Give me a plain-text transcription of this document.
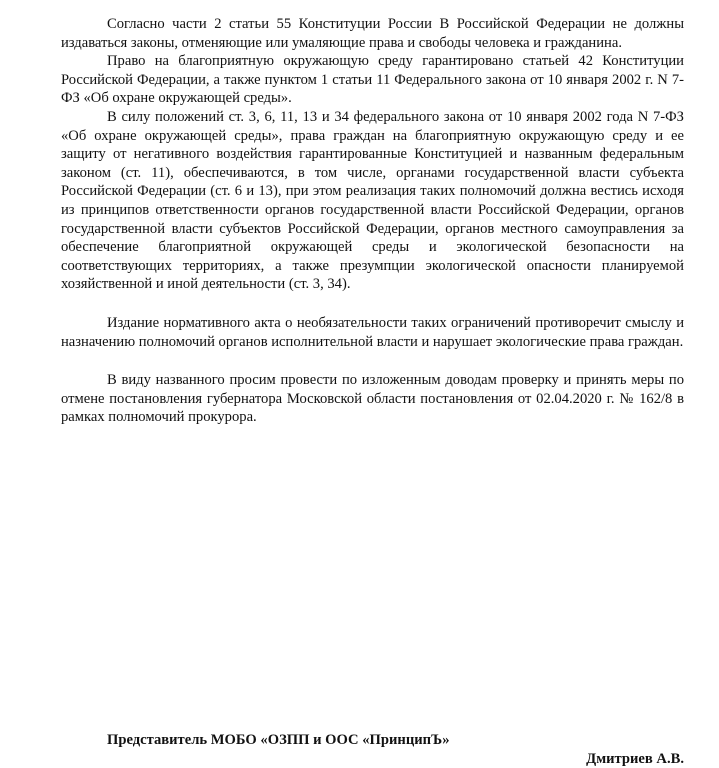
Согласно части 2 статьи 55 Конституции России В Российской Федерации не должны издаваться законы, отменяющие или умаляющие права и свободы человека и гражданина.

Право на благоприятную окружающую среду гарантировано статьей 42 Конституции Российской Федерации, а также пунктом 1 статьи 11 Федерального закона от 10 января 2002 г. N 7-ФЗ «Об охране окружающей среды».

В силу положений ст. 3, 6, 11, 13 и 34 федерального закона от 10 января 2002 года N 7-ФЗ «Об охране окружающей среды», права граждан на благоприятную окружающую среду и ее защиту от негативного воздействия гарантированные Конституцией и названным федеральным законом (ст. 11), обеспечиваются, в том числе, органами государственной власти субъекта Российской Федерации (ст. 6 и 13), при этом реализация таких полномочий должна вестись исходя из принципов ответственности органов государственной власти Российской Федерации, органов государственной власти субъектов Российской Федерации, органов местного самоуправления за обеспечение благоприятной окружающей среды и экологической безопасности на соответствующих территориях, а также презумпции экологической опасности планируемой хозяйственной и иной деятельности (ст. 3, 34).

Издание нормативного акта о необязательности таких ограничений противоречит смыслу и назначению полномочий органов исполнительной власти и нарушает экологические права граждан.

В виду названного просим провести по изложенным доводам проверку и принять меры по отмене постановления губернатора Московской области постановления от 02.04.2020 г. № 162/8 в рамках полномочий прокурора.

Представитель МОБО «ОЗПП и ООС «ПринципЪ»
Дмитриев А.В.
